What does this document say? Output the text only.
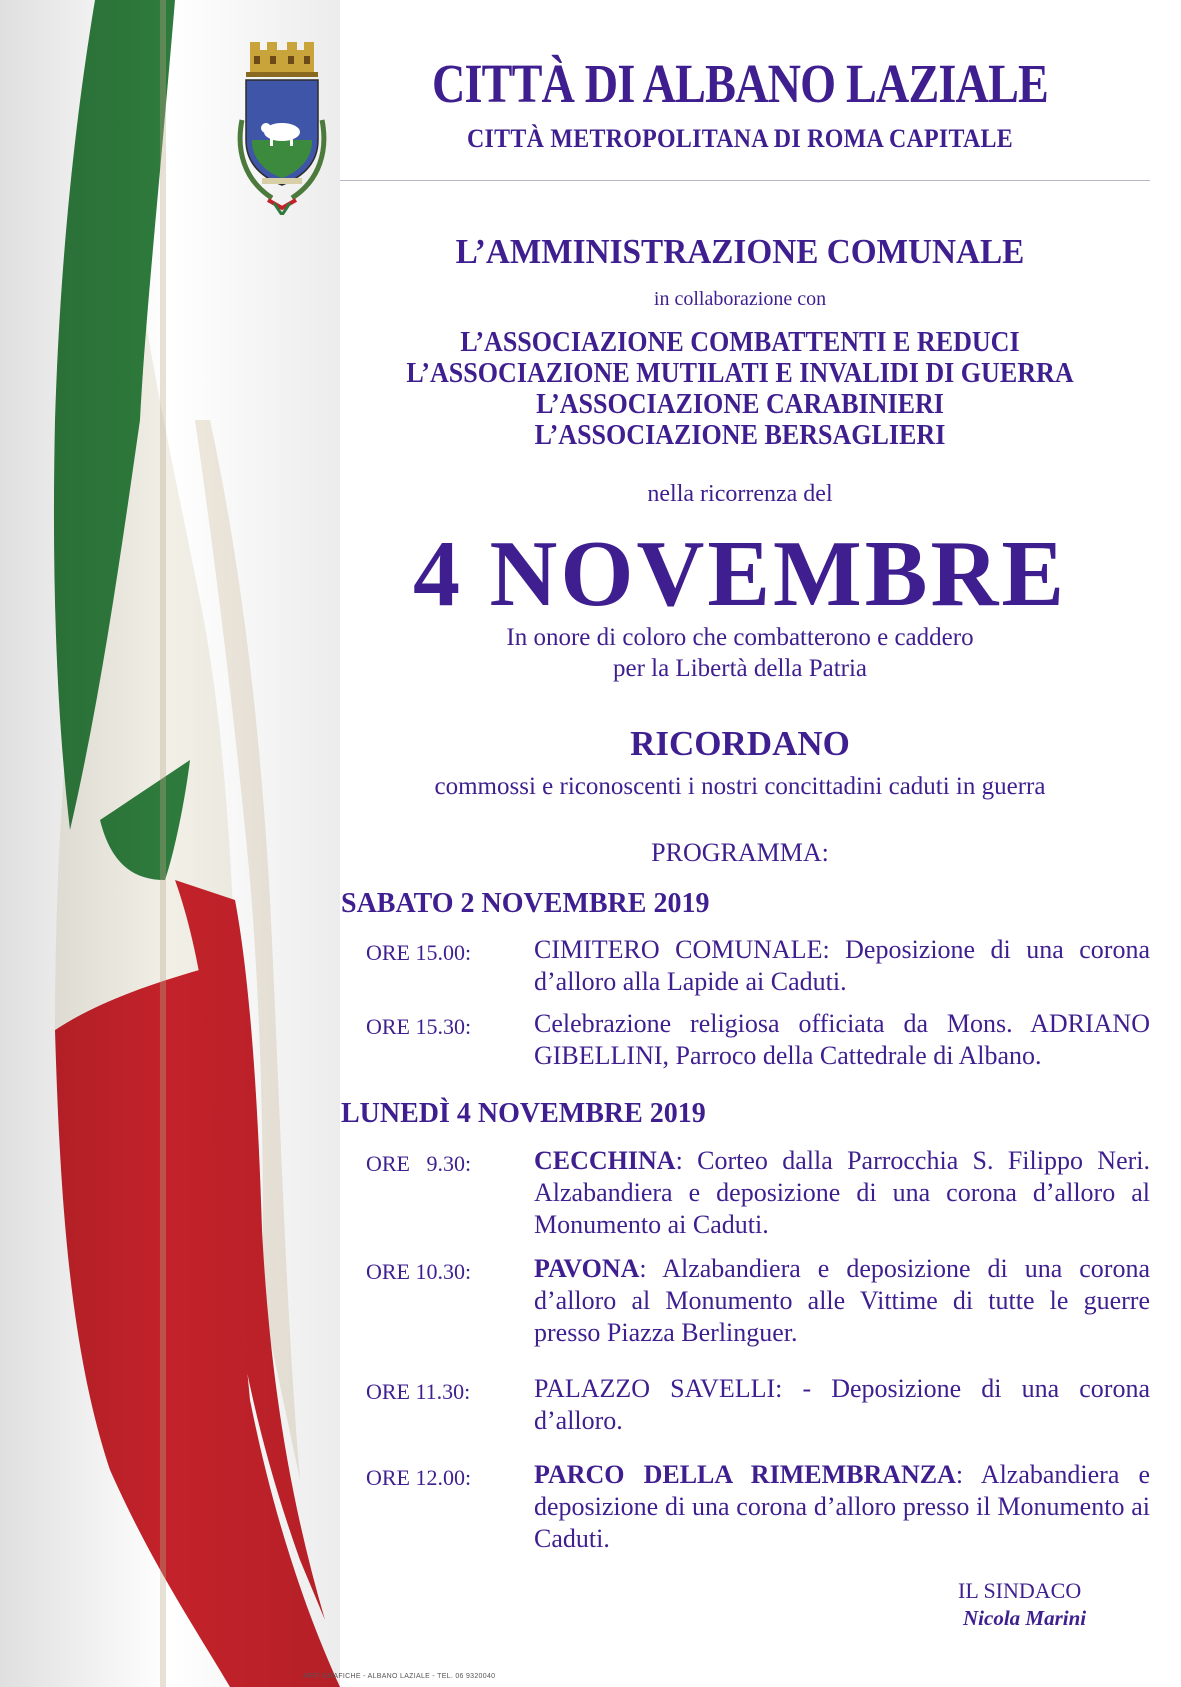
CITTÀ DI ALBANO LAZIALE
CITTÀ METROPOLITANA DI ROMA CAPITALE
L’AMMINISTRAZIONE COMUNALE
in collaborazione con
L’ASSOCIAZIONE COMBATTENTI E REDUCI
L’ASSOCIAZIONE MUTILATI E INVALIDI DI GUERRA
L’ASSOCIAZIONE CARABINIERI
L’ASSOCIAZIONE BERSAGLIERI
nella ricorrenza del
4 NOVEMBRE
In onore di coloro che combatterono e caddero
per la Libertà della Patria
RICORDANO
commossi e riconoscenti i nostri concittadini caduti in guerra
PROGRAMMA:
SABATO 2 NOVEMBRE 2019
ORE 15.00:	CIMITERO COMUNALE: Deposizione di una corona d’alloro alla Lapide ai Caduti.
ORE 15.30:	Celebrazione religiosa officiata da Mons. ADRIANO GIBELLINI, Parroco della Cattedrale di Albano.
LUNEDÌ 4 NOVEMBRE 2019
ORE   9.30:	CECCHINA: Corteo dalla Parrocchia S. Filippo Neri. Alzabandiera e deposizione di una corona d’alloro al Monumento ai Caduti.
ORE 10.30:	PAVONA: Alzabandiera e deposizione di una corona d’alloro al Monumento alle Vittime di tutte le guerre presso Piazza Berlinguer.
ORE 11.30:	PALAZZO SAVELLI: - Deposizione di una corona d’alloro.
ORE 12.00:	PARCO DELLA RIMEMBRANZA: Alzabandiera e deposizione di una corona d’alloro presso il Monumento ai Caduti.
IL SINDACO
Nicola Marini
ARTI GRAFICHE - ALBANO LAZIALE - TEL. 06 9320040
